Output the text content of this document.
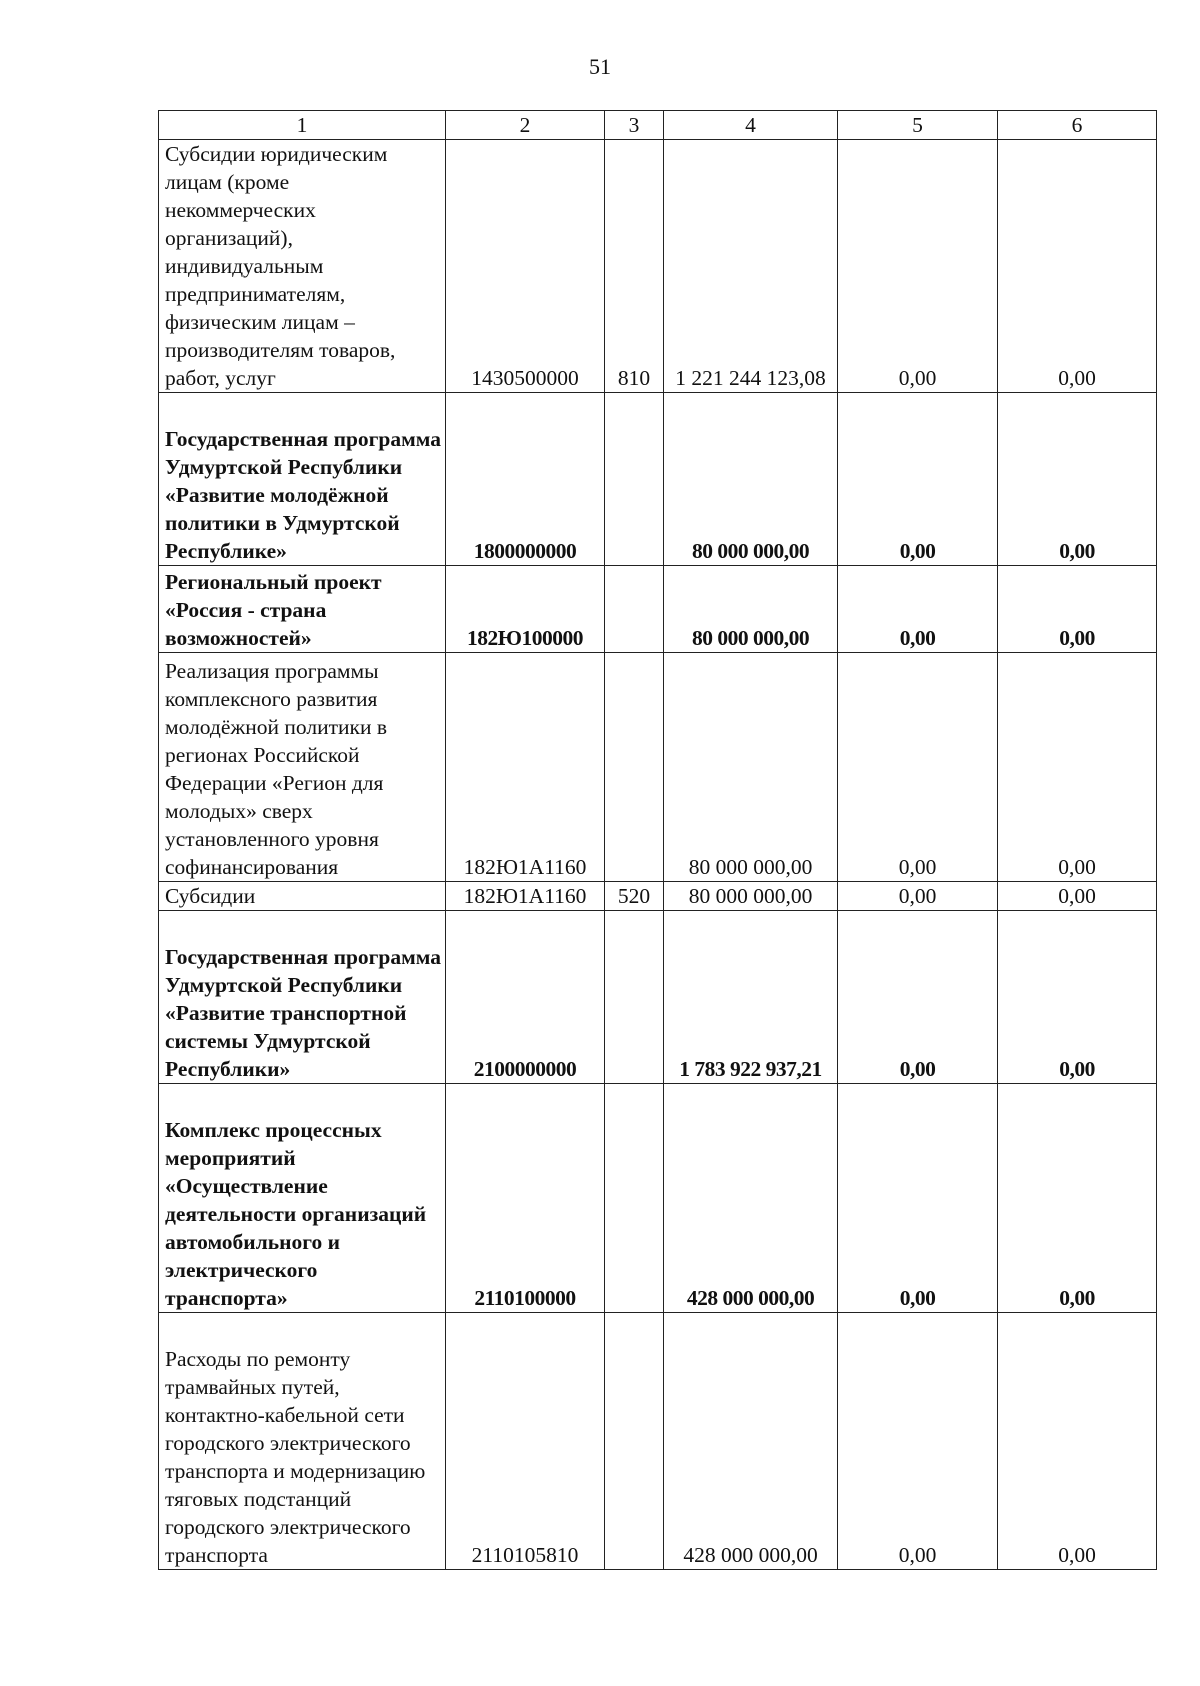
51
1	2	3	4	5	6
Субсидии юридическим лицам (кроме некоммерческих организаций), индивидуальным предпринимателям, физическим лицам – производителям товаров, работ, услуг	1430500000	810	1 221 244 123,08	0,00	0,00
Государственная программа Удмуртской Республики «Развитие молодёжной политики в Удмуртской Республике»	1800000000		80 000 000,00	0,00	0,00
Региональный проект «Россия - страна возможностей»	182Ю100000		80 000 000,00	0,00	0,00
Реализация программы комплексного развития молодёжной политики в регионах Российской Федерации «Регион для молодых» сверх установленного уровня софинансирования	182Ю1А1160		80 000 000,00	0,00	0,00
Субсидии	182Ю1А1160	520	80 000 000,00	0,00	0,00
Государственная программа Удмуртской Республики «Развитие транспортной системы Удмуртской Республики»	2100000000		1 783 922 937,21	0,00	0,00
Комплекс процессных мероприятий «Осуществление деятельности организаций автомобильного и электрического транспорта»	2110100000		428 000 000,00	0,00	0,00
Расходы по ремонту трамвайных путей, контактно-кабельной сети городского электрического транспорта и модернизацию тяговых подстанций городского электрического транспорта	2110105810		428 000 000,00	0,00	0,00
